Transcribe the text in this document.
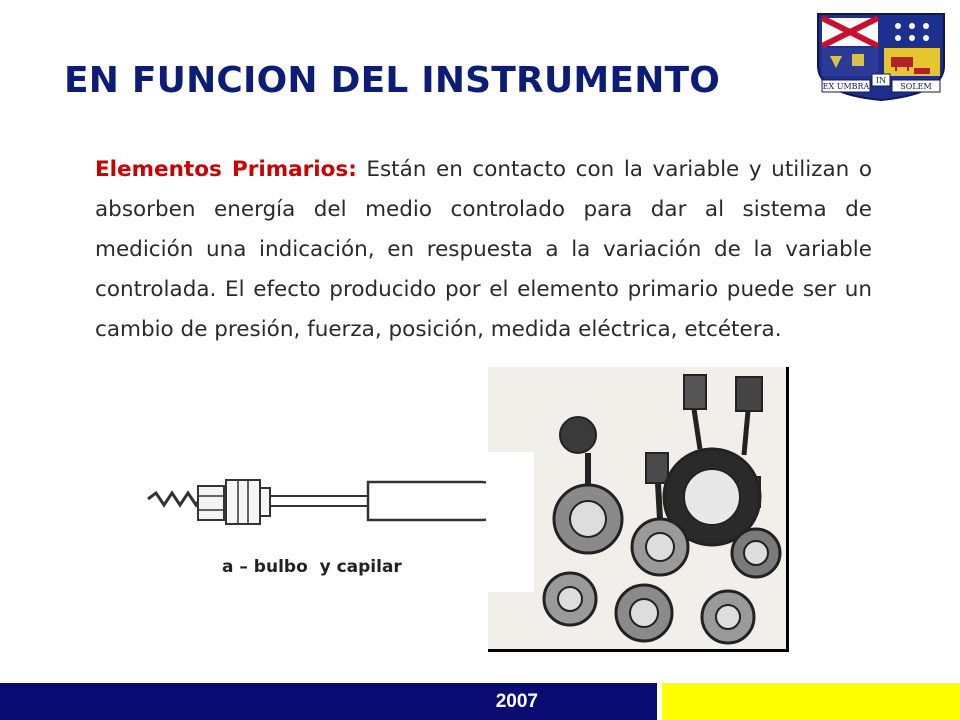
EN FUNCION DEL INSTRUMENTO	EX UMBRA
IN
SOLEM

Elementos Primarios: Están en contacto con la variable y utilizan o absorben energía del medio controlado para dar al sistema de medición una indicación, en respuesta a la variación de la variable controlada. El efecto producido por el elemento primario puede ser un cambio de presión, fuerza, posición, medida eléctrica, etcétera.

a – bulbo  y capilar
2007
